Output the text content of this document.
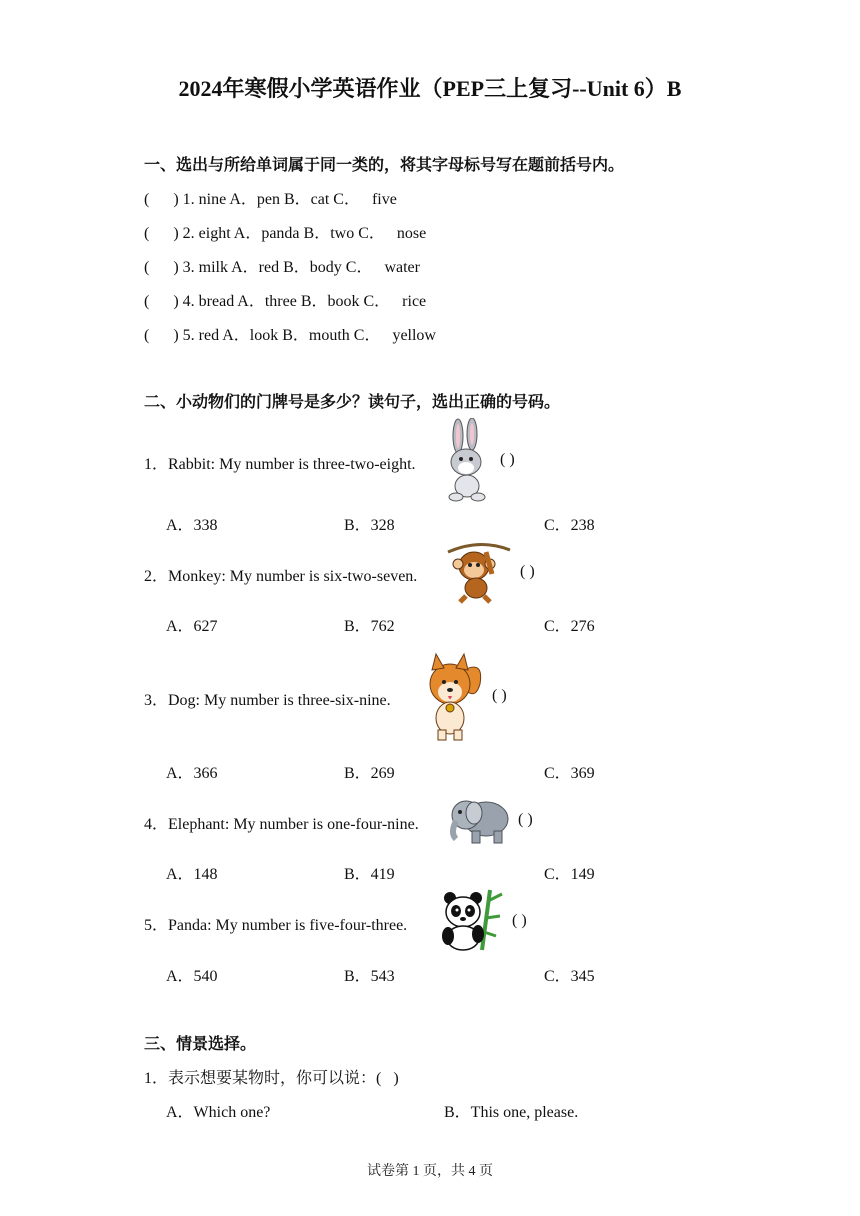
2024年寒假小学英语作业（PEP三上复习--Unit 6）B
一、选出与所给单词属于同一类的，将其字母标号写在题前括号内。
(      ) 1. nine A．pen B．cat C．   five
(      ) 2. eight A．panda B．two C．   nose
(      ) 3. milk A．red B．body C．   water
(      ) 4. bread A．three B．book C．   rice
(      ) 5. red A．look B．mouth C．   yellow
二、小动物们的门牌号是多少？读句子，选出正确的号码。
1．Rabbit: My number is three-two-eight.	( )
A．338	B．328	C．238
2．Monkey: My number is six-two-seven.	( )
A．627	B．762	C．276
3．Dog: My number is three-six-nine.	( )
A．366	B．269	C．369
4．Elephant: My number is one-four-nine.	( )
A．148	B．419	C．149
5．Panda: My number is five-four-three.	( )
A．540	B．543	C．345
三、情景选择。
1．表示想要某物时，你可以说：(   )
A．Which one?	B．This one, please.
试卷第 1 页，共 4 页
